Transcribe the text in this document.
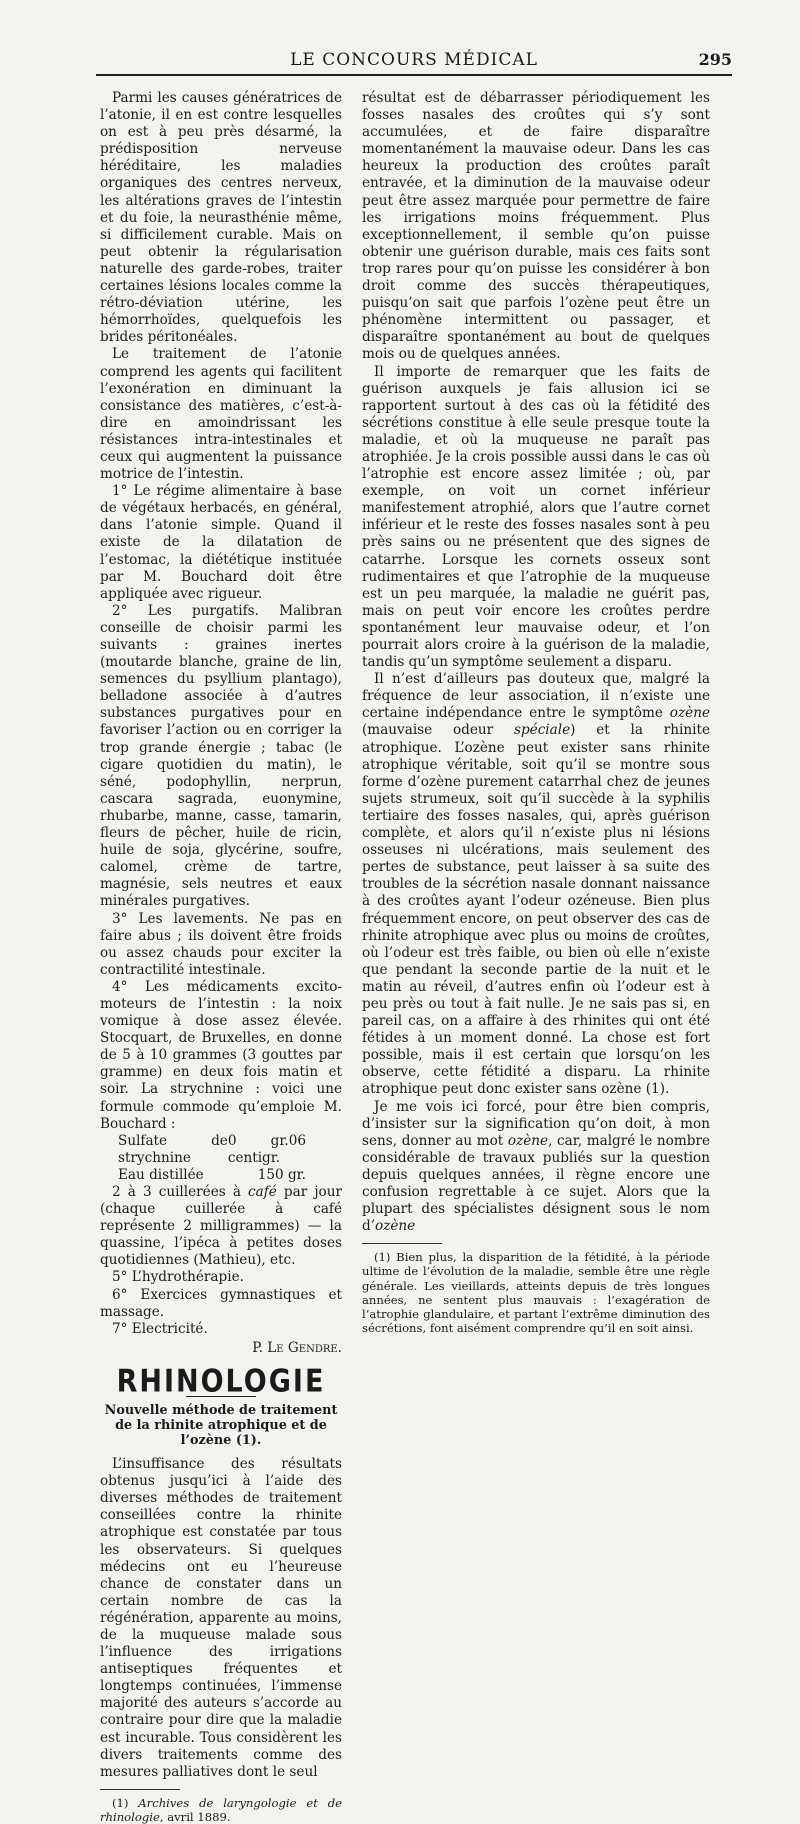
LE CONCOURS MÉDICAL	295

Parmi les causes génératrices de l’atonie, il en est contre lesquelles on est à peu près désarmé, la prédisposition nerveuse héréditaire, les maladies organiques des centres nerveux, les altérations graves de l’intestin et du foie, la neurasthénie même, si difficilement curable. Mais on peut obtenir la régularisation naturelle des garde-robes, traiter certaines lésions locales comme la rétro-déviation utérine, les hémorrhoïdes, quelquefois les brides péritonéales.

Le traitement de l’atonie comprend les agents qui facilitent l’exonération en diminuant la consistance des matières, c’est-à-dire en amoindrissant les résistances intra-intestinales et ceux qui augmentent la puissance motrice de l’intestin.

1° Le régime alimentaire à base de végétaux herbacés, en général, dans l’atonie simple. Quand il existe de la dilatation de l’estomac, la diététique instituée par M. Bouchard doit être appliquée avec rigueur.

2° Les purgatifs. Malibran conseille de choisir parmi les suivants : graines inertes (moutarde blanche, graine de lin, semences du psyllium plantago), belladone associée à d’autres substances purgatives pour en favoriser l’action ou en corriger la trop grande énergie ; tabac (le cigare quotidien du matin), le séné, podophyllin, nerprun, cascara sagrada, euonymine, rhubarbe, manne, casse, tamarin, fleurs de pêcher, huile de ricin, huile de soja, glycérine, soufre, calomel, crème de tartre, magnésie, sels neutres et eaux minérales purgatives.

3° Les lavements. Ne pas en faire abus ; ils doivent être froids ou assez chauds pour exciter la contractilité intestinale.

4° Les médicaments excito-moteurs de l’intestin : la noix vomique à dose assez élevée. Stocquart, de Bruxelles, en donne de 5 à 10 grammes (3 gouttes par gramme) en deux fois matin et soir. La strychnine : voici une formule commode qu’emploie M. Bouchard :

Sulfate de strychnine
0 gr.06 centigr.
Eau distillée	150 gr.

2 à 3 cuillerées à café par jour (chaque cuillerée à café représente 2 milligrammes) — la quassine, l’ipéca à petites doses quotidiennes (Mathieu), etc.

5° L’hydrothérapie.

6° Exercices gymnastiques et massage.

7° Electricité.

P. Le Gendre.
RHINOLOGIE
Nouvelle méthode de traitement de la rhinite atrophique et de l’ozène (1).

L’insuffisance des résultats obtenus jusqu’ici à l’aide des diverses méthodes de traitement conseillées contre la rhinite atrophique est constatée par tous les observateurs. Si quelques médecins ont eu l’heureuse chance de constater dans un certain nombre de cas la régénération, apparente au moins, de la muqueuse malade sous l’influence des irrigations antiseptiques fréquentes et longtemps continuées, l’immense majorité des auteurs s’accorde au contraire pour dire que la maladie est incurable. Tous considèrent les divers traitements comme des mesures palliatives dont le seul

(1) Archives de laryngologie et de rhinologie, avril 1889.

résultat est de débarrasser périodiquement les fosses nasales des croûtes qui s’y sont accumulées, et de faire disparaître momentanément la mauvaise odeur. Dans les cas heureux la production des croûtes paraît entravée, et la diminution de la mauvaise odeur peut être assez marquée pour permettre de faire les irrigations moins fréquemment. Plus exceptionnellement, il semble qu’on puisse obtenir une guérison durable, mais ces faits sont trop rares pour qu’on puisse les considérer à bon droit comme des succès thérapeutiques, puisqu’on sait que parfois l’ozène peut être un phénomène intermittent ou passager, et disparaître spontanément au bout de quelques mois ou de quelques années.

Il importe de remarquer que les faits de guérison auxquels je fais allusion ici se rapportent surtout à des cas où la fétidité des sécrétions constitue à elle seule presque toute la maladie, et où la muqueuse ne paraît pas atrophiée. Je la crois possible aussi dans le cas où l’atrophie est encore assez limitée ; où, par exemple, on voit un cornet inférieur manifestement atrophié, alors que l’autre cornet inférieur et le reste des fosses nasales sont à peu près sains ou ne présentent que des signes de catarrhe. Lorsque les cornets osseux sont rudimentaires et que l’atrophie de la muqueuse est un peu marquée, la maladie ne guérit pas, mais on peut voir encore les croûtes perdre spontanément leur mauvaise odeur, et l’on pourrait alors croire à la guérison de la maladie, tandis qu’un symptôme seulement a disparu.

Il n’est d’ailleurs pas douteux que, malgré la fréquence de leur association, il n’existe une certaine indépendance entre le symptôme ozène (mauvaise odeur spéciale) et la rhinite atrophique. L’ozène peut exister sans rhinite atrophique véritable, soit qu’il se montre sous forme d’ozène purement catarrhal chez de jeunes sujets strumeux, soit qu’il succède à la syphilis tertiaire des fosses nasales, qui, après guérison complète, et alors qu’il n’existe plus ni lésions osseuses ni ulcérations, mais seulement des pertes de substance, peut laisser à sa suite des troubles de la sécrétion nasale donnant naissance à des croûtes ayant l’odeur ozéneuse. Bien plus fréquemment encore, on peut observer des cas de rhinite atrophique avec plus ou moins de croûtes, où l’odeur est très faible, ou bien où elle n’existe que pendant la seconde partie de la nuit et le matin au réveil, d’autres enfin où l’odeur est à peu près ou tout à fait nulle. Je ne sais pas si, en pareil cas, on a affaire à des rhinites qui ont été fétides à un moment donné. La chose est fort possible, mais il est certain que lorsqu’on les observe, cette fétidité a disparu. La rhinite atrophique peut donc exister sans ozène (1).

Je me vois ici forcé, pour être bien compris, d’insister sur la signification qu’on doit, à mon sens, donner au mot ozène, car, malgré le nombre considérable de travaux publiés sur la question depuis quelques années, il règne encore une confusion regrettable à ce sujet. Alors que la plupart des spécialistes désignent sous le nom d’ozène

(1) Bien plus, la disparition de la fétidité, à la période ultime de l’évolution de la maladie, semble être une règle générale. Les vieillards, atteints depuis de très longues années, ne sentent plus mauvais : l’exagération de l’atrophie glandulaire, et partant l’extrême diminution des sécrétions, font aisément comprendre qu’il en soit ainsi.
